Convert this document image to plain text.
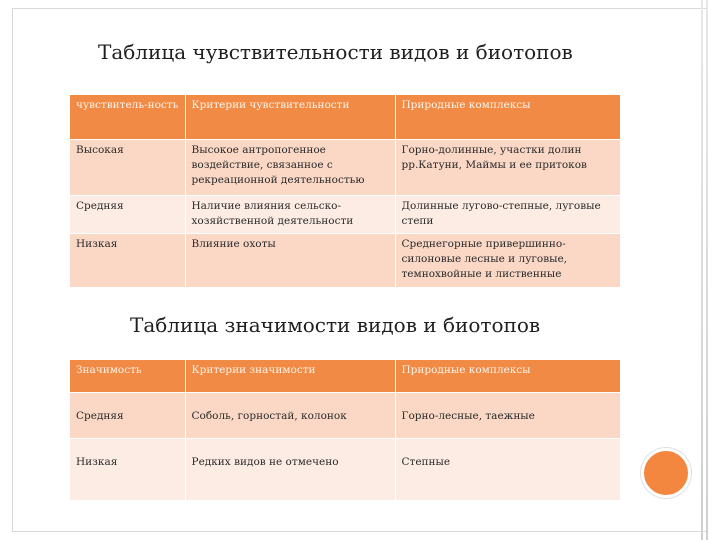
Таблица чувствительности видов и биотопов
чувствитель-ность	Критерии чувствительности	Природные комплексы
Высокая	Высокое антропогенное воздействие, связанное с рекреационной деятельностью	Горно-долинные, участки долин рр.Катуни, Маймы и ее притоков
Средняя	Наличие влияния сельско-хозяйственной деятельности	Долинные лугово-степные, луговые степи
Низкая	Влияние охоты	Среднегорные привершинно-силоновые лесные и луговые, темнохвойные и лиственные
Таблица значимости видов и биотопов
Значимость	Критерии значимости	Природные комплексы
Средняя	Соболь, горностай, колонок	Горно-лесные, таежные
Низкая	Редких видов не отмечено	Степные
